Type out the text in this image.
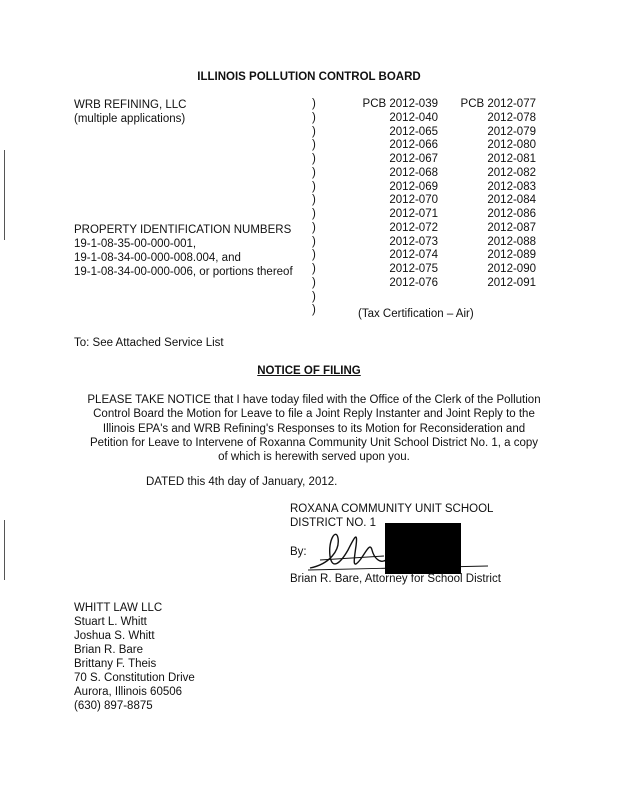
ILLINOIS POLLUTION CONTROL BOARD
WRB REFINING, LLC
(multiple applications)
PROPERTY IDENTIFICATION NUMBERS
19-1-08-35-00-000-001,
19-1-08-34-00-000-008.004, and
19-1-08-34-00-000-006, or portions thereof
)
)
)
)
)
)
)
)
)
)
)
)
)
)
)
)
PCB 2012-039
2012-040
2012-065
2012-066
2012-067
2012-068
2012-069
2012-070
2012-071
2012-072
2012-073
2012-074
2012-075
2012-076
PCB 2012-077
2012-078
2012-079
2012-080
2012-081
2012-082
2012-083
2012-084
2012-086
2012-087
2012-088
2012-089
2012-090
2012-091
(Tax Certification – Air)
To: See Attached Service List
NOTICE OF FILING
PLEASE TAKE NOTICE that I have today filed with the Office of the Clerk of the Pollution Control Board the Motion for Leave to file a Joint Reply Instanter and Joint Reply to the Illinois EPA's and WRB Refining's Responses to its Motion for Reconsideration and Petition for Leave to Intervene of Roxanna Community Unit School District No. 1, a copy of which is herewith served upon you.
DATED this 4th day of January, 2012.
ROXANA COMMUNITY UNIT SCHOOL
DISTRICT NO. 1
By:
Brian R. Bare, Attorney for School District
WHITT LAW LLC
Stuart L. Whitt
Joshua S. Whitt
Brian R. Bare
Brittany F. Theis
70 S. Constitution Drive
Aurora, Illinois 60506
(630) 897-8875
